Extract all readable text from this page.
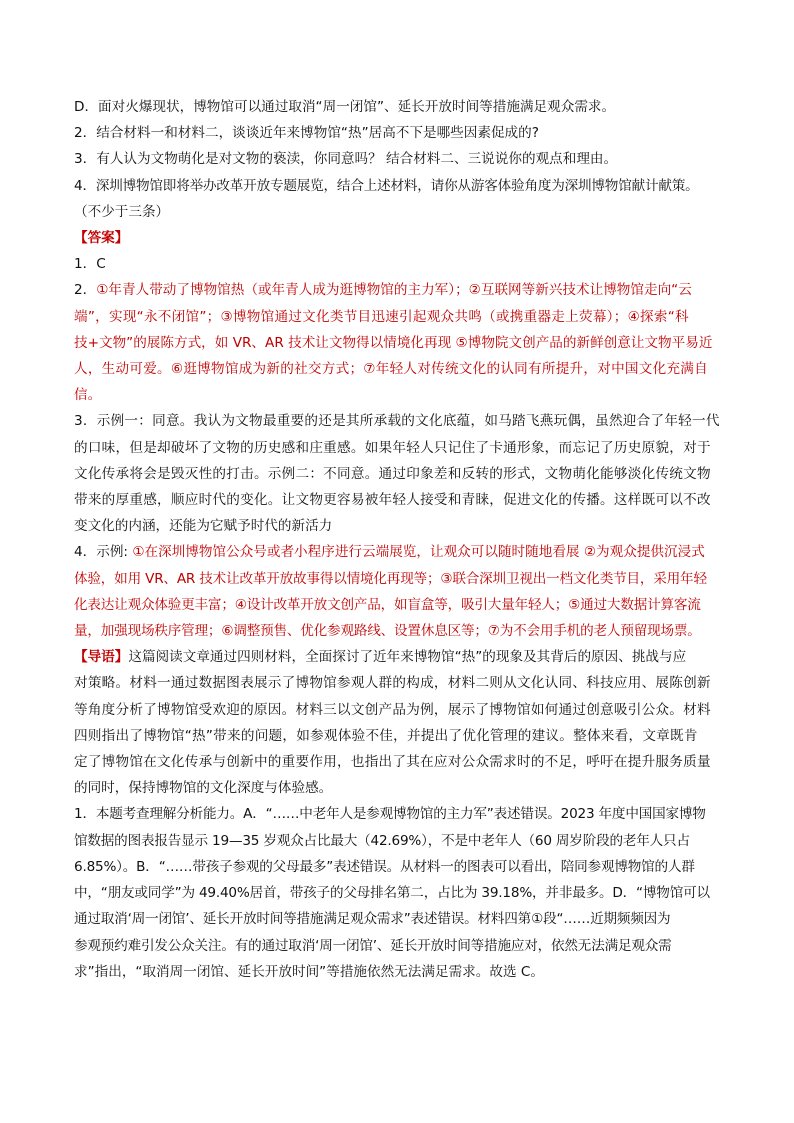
D．面对火爆现状，博物馆可以通过取消“周一闭馆”、延长开放时间等措施满足观众需求。

2．结合材料一和材料二，谈谈近年来博物馆“热”居高不下是哪些因素促成的?

3．有人认为文物萌化是对文物的亵渎，你同意吗？ 结合材料二、三说说你的观点和理由。

4．深圳博物馆即将举办改革开放专题展览，结合上述材料，请你从游客体验角度为深圳博物馆献计献策。

（不少于三条）

【答案】

1．C

2．①年青人带动了博物馆热（或年青人成为逛博物馆的主力军）；②互联网等新兴技术让博物馆走向“云

端”，实现“永不闭馆”；③博物馆通过文化类节目迅速引起观众共鸣（或携重器走上荧幕）；④探索“科

技+文物”的展陈方式，如 VR、AR 技术让文物得以情境化再现 ⑤博物院文创产品的新鲜创意让文物平易近

人，生动可爱。⑥逛博物馆成为新的社交方式；⑦年轻人对传统文化的认同有所提升，对中国文化充满自

信。

3．示例一：同意。我认为文物最重要的还是其所承载的文化底蕴，如马踏飞燕玩偶，虽然迎合了年轻一代

的口味，但是却破坏了文物的历史感和庄重感。如果年轻人只记住了卡通形象，而忘记了历史原貌，对于

文化传承将会是毁灭性的打击。示例二：不同意。通过印象差和反转的形式，文物萌化能够淡化传统文物

带来的厚重感，顺应时代的变化。让文物更容易被年轻人接受和青睐，促进文化的传播。这样既可以不改

变文化的内涵，还能为它赋予时代的新活力

4．示例: ①在深圳博物馆公众号或者小程序进行云端展览，让观众可以随时随地看展 ②为观众提供沉浸式

体验，如用 VR、AR 技术让改革开放故事得以情境化再现等；③联合深圳卫视出一档文化类节目，采用年轻

化表达让观众体验更丰富；④设计改革开放文创产品，如盲盒等，吸引大量年轻人；⑤通过大数据计算客流

量，加强现场秩序管理；⑥调整预售、优化参观路线、设置休息区等；⑦为不会用手机的老人预留现场票。

【导语】这篇阅读文章通过四则材料，全面探讨了近年来博物馆“热”的现象及其背后的原因、挑战与应

对策略。材料一通过数据图表展示了博物馆参观人群的构成，材料二则从文化认同、科技应用、展陈创新

等角度分析了博物馆受欢迎的原因。材料三以文创产品为例，展示了博物馆如何通过创意吸引公众。材料

四则指出了博物馆“热”带来的问题，如参观体验不佳，并提出了优化管理的建议。整体来看，文章既肯

定了博物馆在文化传承与创新中的重要作用，也指出了其在应对公众需求时的不足，呼吁在提升服务质量

的同时，保持博物馆的文化深度与体验感。

1．本题考查理解分析能力。A．“……中老年人是参观博物馆的主力军”表述错误。2023 年度中国国家博物

馆数据的图表报告显示 19—35 岁观众占比最大（42.69%），不是中老年人（60 周岁阶段的老年人只占

6.85%）。B．“……带孩子参观的父母最多”表述错误。从材料一的图表可以看出，陪同参观博物馆的人群

中，“朋友或同学”为 49.40%居首，带孩子的父母排名第二，占比为 39.18%，并非最多。D．“博物馆可以

通过取消‘周一闭馆’、延长开放时间等措施满足观众需求”表述错误。材料四第①段“……近期频频因为

参观预约难引发公众关注。有的通过取消‘周一闭馆’、延长开放时间等措施应对，依然无法满足观众需

求”指出，“取消周一闭馆、延长开放时间”等措施依然无法满足需求。故选 C。
